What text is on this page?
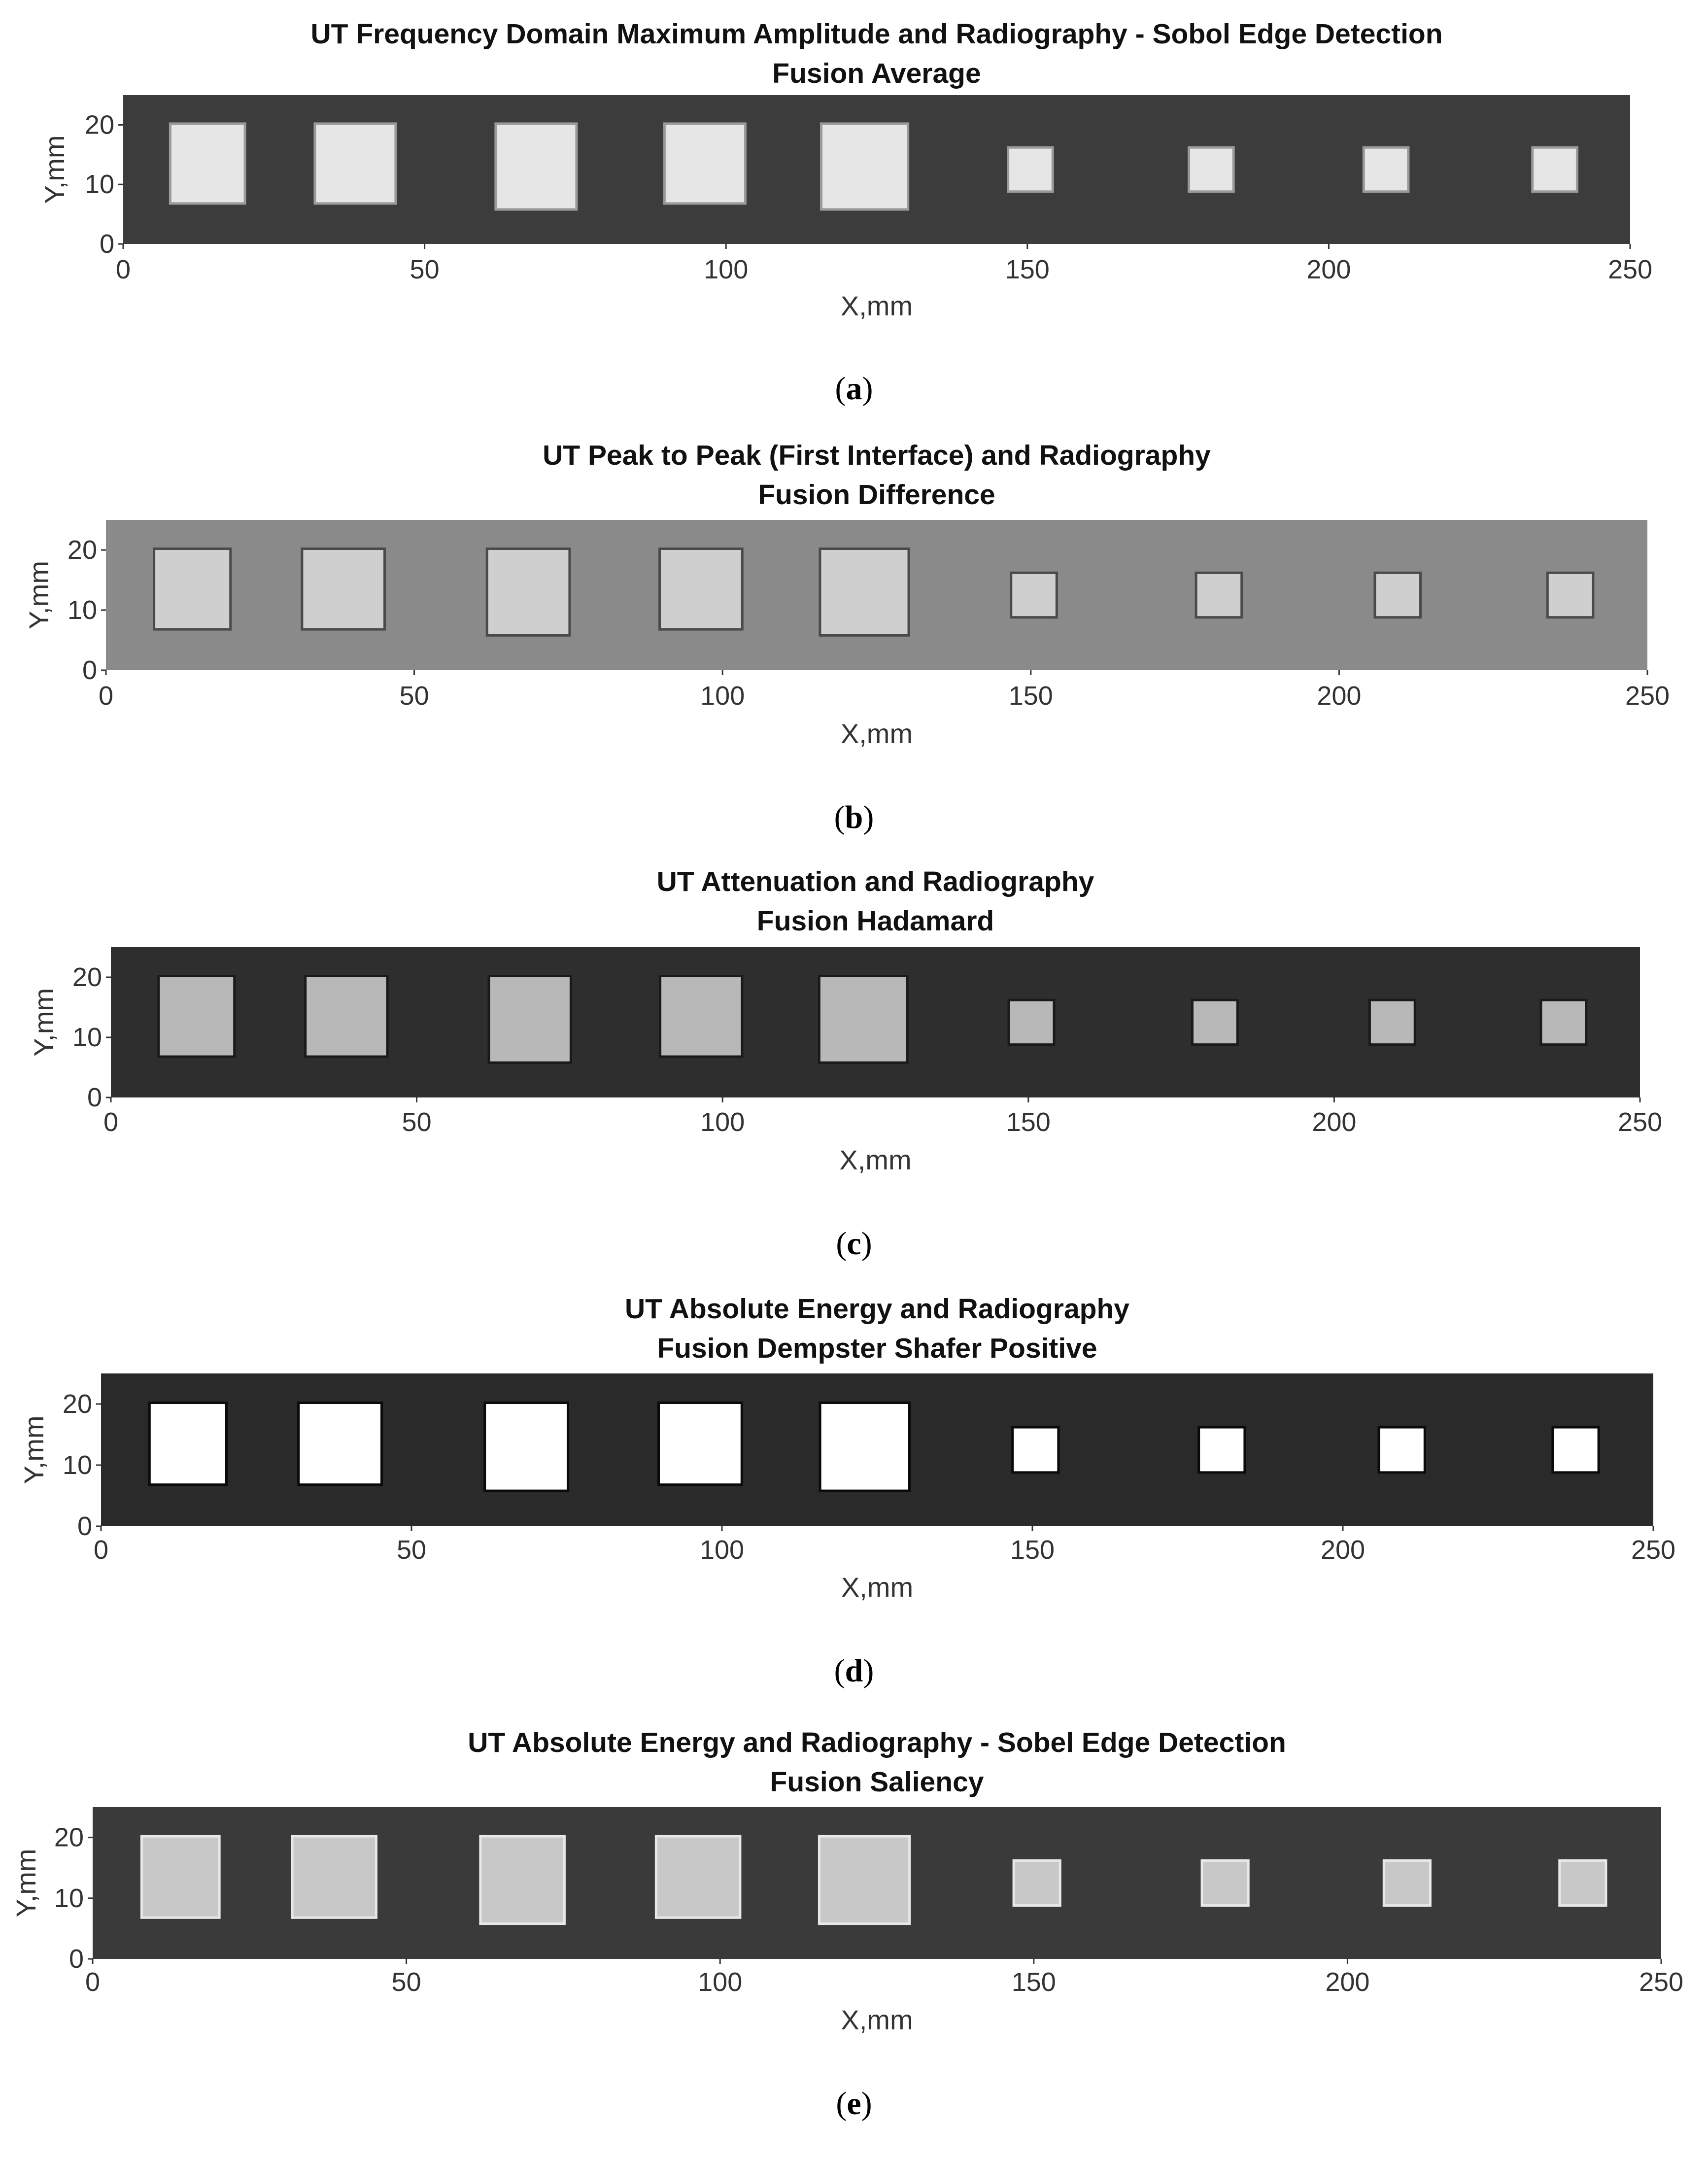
UT Frequency Domain Maximum Amplitude and Radiography - Sobol Edge Detection
Fusion Average
0	50	100	150	200	250
0
10
20
X,mm
Y,mm
(a)
UT Peak to Peak (First Interface) and Radiography
Fusion Difference
0	50	100	150	200	250
0
10
20
X,mm
Y,mm
(b)
UT Attenuation and Radiography
Fusion Hadamard
0	50	100	150	200	250
0
10
20
X,mm
Y,mm
(c)
UT Absolute Energy and Radiography
Fusion Dempster Shafer Positive
0	50	100	150	200	250
0
10
20
X,mm
Y,mm
(d)
UT Absolute Energy and Radiography - Sobel Edge Detection
Fusion Saliency
0	50	100	150	200	250
0
10
20
X,mm
Y,mm
(e)
